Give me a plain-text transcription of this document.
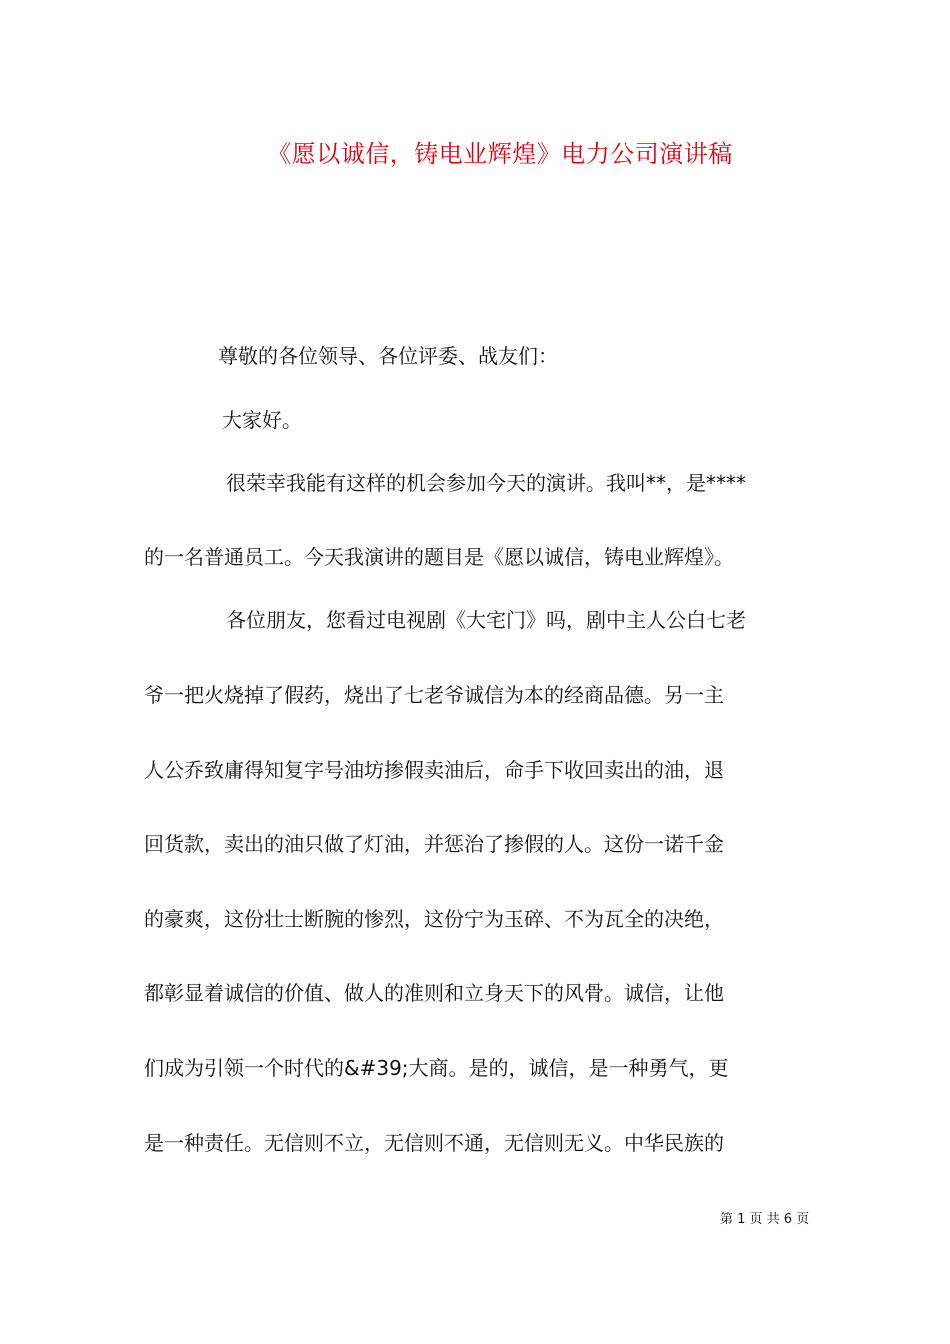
《愿以诚信，铸电业辉煌》电力公司演讲稿
尊敬的各位领导、各位评委、战友们：
大家好。
很荣幸我能有这样的机会参加今天的演讲。我叫**，是****
的一名普通员工。今天我演讲的题目是《愿以诚信，铸电业辉煌》。
各位朋友，您看过电视剧《大宅门》吗，剧中主人公白七老
爷一把火烧掉了假药，烧出了七老爷诚信为本的经商品德。另一主
人公乔致庸得知复字号油坊掺假卖油后，命手下收回卖出的油，退
回货款，卖出的油只做了灯油，并惩治了掺假的人。这份一诺千金
的豪爽，这份壮士断腕的惨烈，这份宁为玉碎、不为瓦全的决绝，
都彰显着诚信的价值、做人的准则和立身天下的风骨。诚信，让他
们成为引领一个时代的&#39;大商。是的，诚信，是一种勇气，更
是一种责任。无信则不立，无信则不通，无信则无义。中华民族的
第 1 页 共 6 页
